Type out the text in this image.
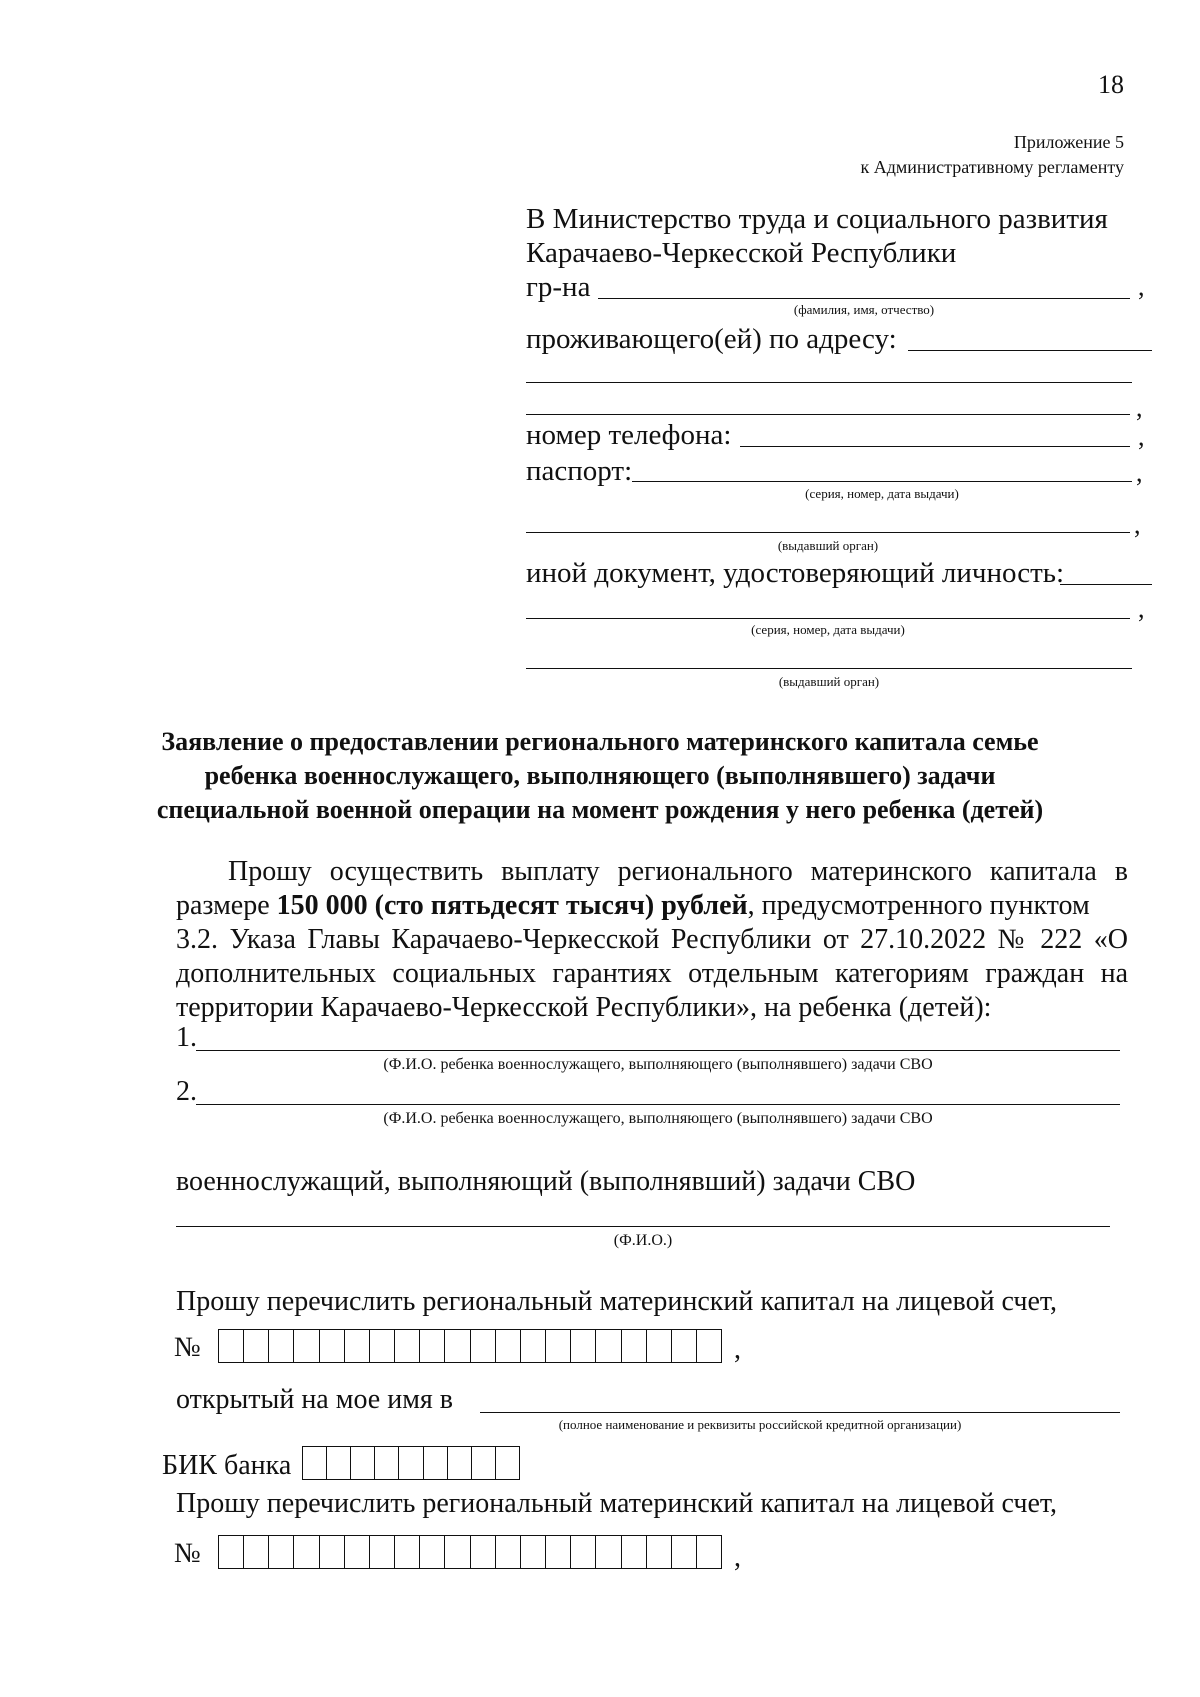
18
Приложение 5
к Административному регламенту
В Министерство труда и социального развития
Карачаево-Черкесской Республики
гр-на	,
(фамилия, имя, отчество)
проживающего(ей) по адресу:
,
номер телефона:	,
паспорт:	,
(серия, номер, дата выдачи)
,
(выдавший орган)
иной документ, удостоверяющий личность:
,
(серия, номер, дата выдачи)
(выдавший орган)
Заявление о предоставлении регионального материнского капитала семье
ребенка военнослужащего, выполняющего (выполнявшего) задачи
специальной военной операции на момент рождения у него ребенка (детей)
Прошу осуществить выплату регионального материнского капитала в
размере 150 000 (сто пятьдесят тысяч) рублей, предусмотренного пунктом
3.2. Указа Главы Карачаево-Черкесской Республики от 27.10.2022 № 222 «О
дополнительных социальных гарантиях отдельным категориям граждан на
территории Карачаево-Черкесской Республики», на ребенка (детей):
1.
(Ф.И.О. ребенка военнослужащего, выполняющего (выполнявшего) задачи СВО
2.
(Ф.И.О. ребенка военнослужащего, выполняющего (выполнявшего) задачи СВО
военнослужащий, выполняющий (выполнявший) задачи СВО
(Ф.И.О.)
Прошу перечислить региональный материнский капитал на лицевой счет,
№	,
открытый на мое имя в
(полное наименование и реквизиты российской кредитной организации)
БИК банка
Прошу перечислить региональный материнский капитал на лицевой счет,
№	,
